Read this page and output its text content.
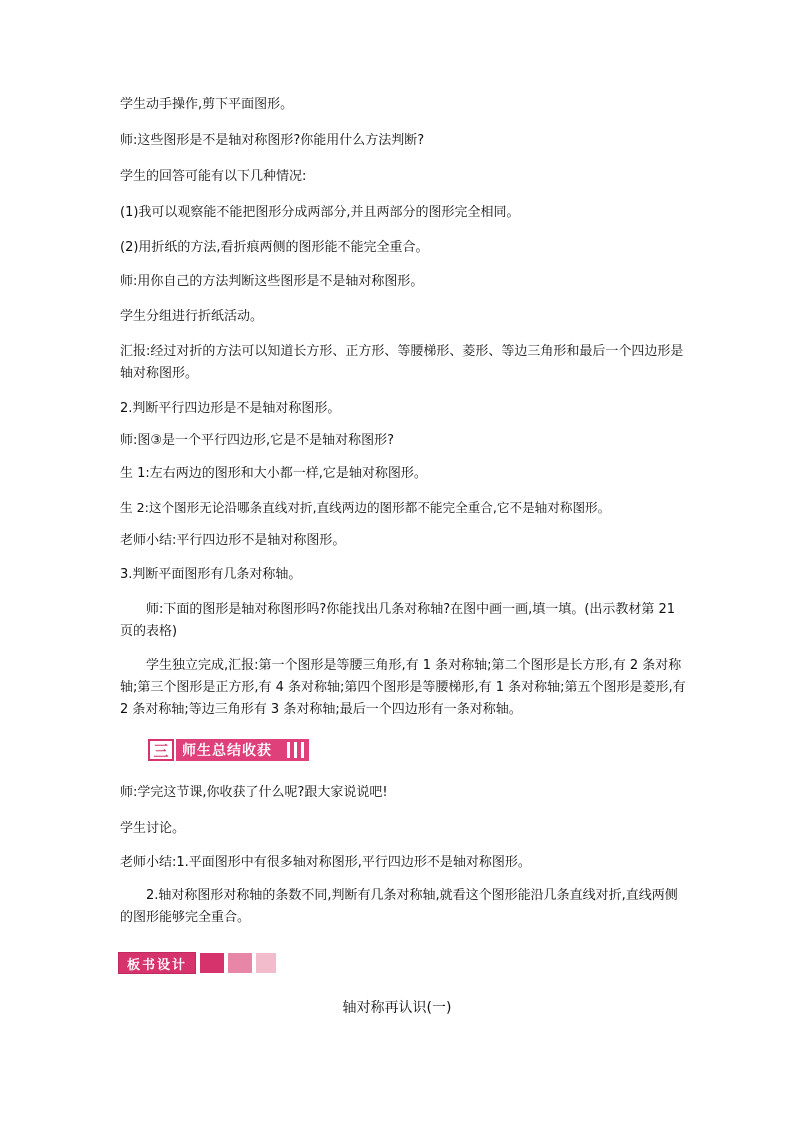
学生动手操作,剪下平面图形。

师:这些图形是不是轴对称图形?你能用什么方法判断?

学生的回答可能有以下几种情况:

(1)我可以观察能不能把图形分成两部分,并且两部分的图形完全相同。

(2)用折纸的方法,看折痕两侧的图形能不能完全重合。

师:用你自己的方法判断这些图形是不是轴对称图形。

学生分组进行折纸活动。

汇报:经过对折的方法可以知道长方形、正方形、等腰梯形、菱形、等边三角形和最后一个四边形是轴对称图形。

2.判断平行四边形是不是轴对称图形。

师:图③是一个平行四边形,它是不是轴对称图形?

生 1:左右两边的图形和大小都一样,它是轴对称图形。

生 2:这个图形无论沿哪条直线对折,直线两边的图形都不能完全重合,它不是轴对称图形。

老师小结:平行四边形不是轴对称图形。

3.判断平面图形有几条对称轴。

师:下面的图形是轴对称图形吗?你能找出几条对称轴?在图中画一画,填一填。(出示教材第 21 页的表格)

学生独立完成,汇报:第一个图形是等腰三角形,有 1 条对称轴;第二个图形是长方形,有 2 条对称轴;第三个图形是正方形,有 4 条对称轴;第四个图形是等腰梯形,有 1 条对称轴;第五个图形是菱形,有 2 条对称轴;等边三角形有 3 条对称轴;最后一个四边形有一条对称轴。

三 师生总结收获

师:学完这节课,你收获了什么呢?跟大家说说吧!

学生讨论。

老师小结:1.平面图形中有很多轴对称图形,平行四边形不是轴对称图形。

2.轴对称图形对称轴的条数不同,判断有几条对称轴,就看这个图形能沿几条直线对折,直线两侧的图形能够完全重合。

板书设计
轴对称再认识(一)
